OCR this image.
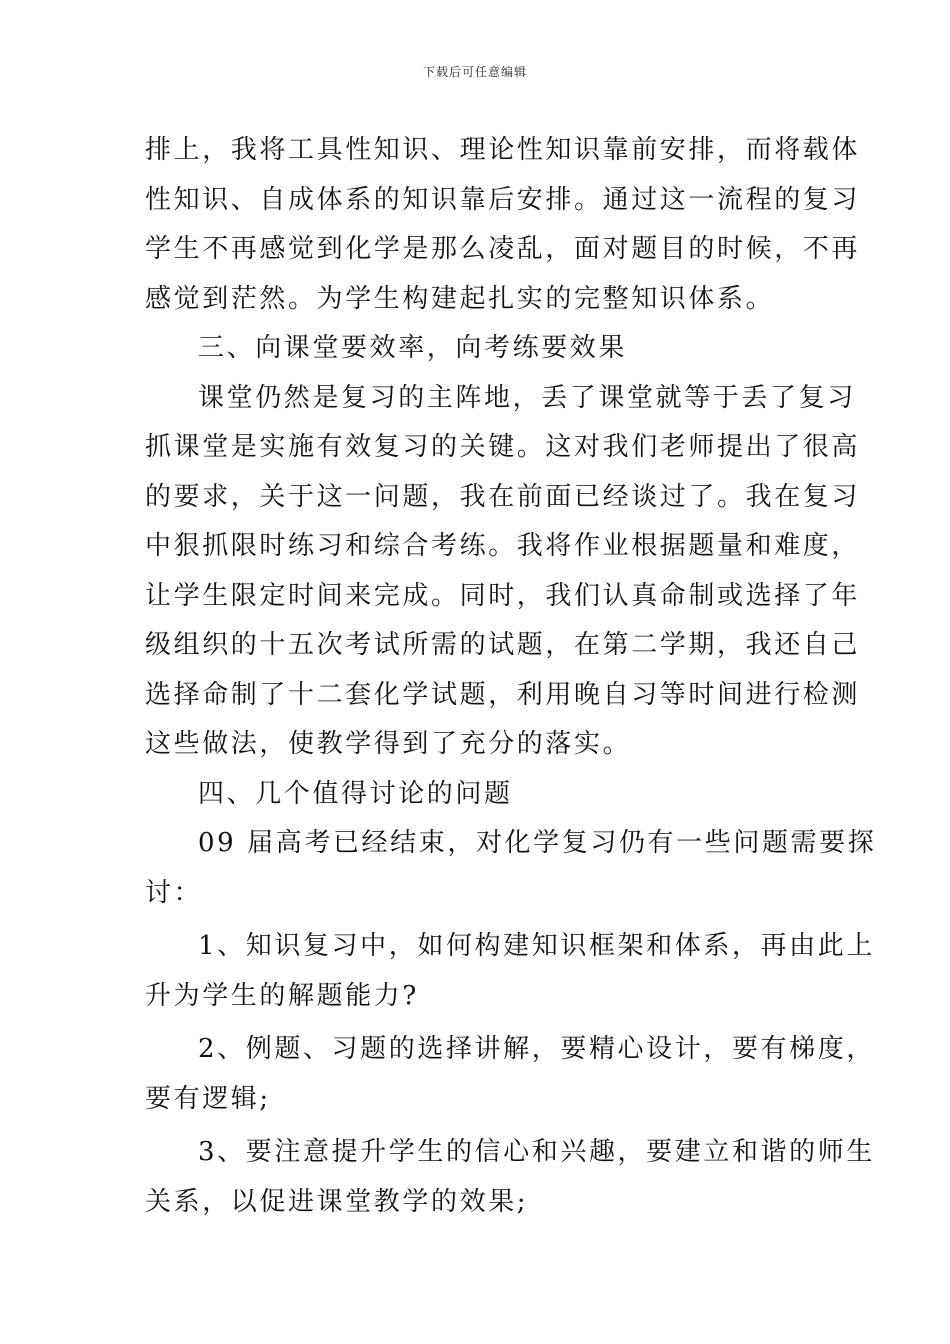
下载后可任意编辑
排上，我将工具性知识、理论性知识靠前安排，而将载体
性知识、自成体系的知识靠后安排。通过这一流程的复习
学生不再感觉到化学是那么凌乱，面对题目的时候，不再
感觉到茫然。为学生构建起扎实的完整知识体系。
三、向课堂要效率，向考练要效果
课堂仍然是复习的主阵地，丢了课堂就等于丢了复习
抓课堂是实施有效复习的关键。这对我们老师提出了很高
的要求，关于这一问题，我在前面已经谈过了。我在复习
中狠抓限时练习和综合考练。我将作业根据题量和难度，
让学生限定时间来完成。同时，我们认真命制或选择了年
级组织的十五次考试所需的试题，在第二学期，我还自己
选择命制了十二套化学试题，利用晚自习等时间进行检测
这些做法，使教学得到了充分的落实。
四、几个值得讨论的问题
09 届高考已经结束，对化学复习仍有一些问题需要探
讨：
1、知识复习中，如何构建知识框架和体系，再由此上
升为学生的解题能力?
2、例题、习题的选择讲解，要精心设计，要有梯度，
要有逻辑;
3、要注意提升学生的信心和兴趣，要建立和谐的师生
关系，以促进课堂教学的效果;
